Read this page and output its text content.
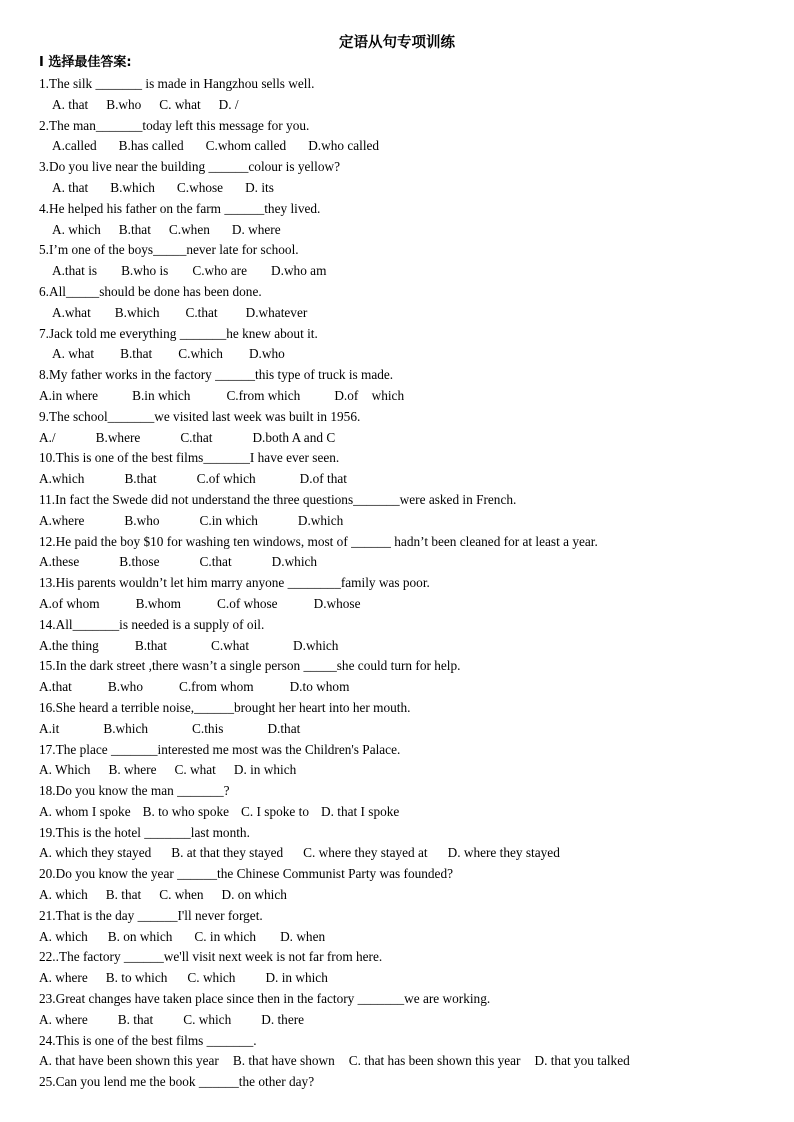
定语从句专项训练
I 选择最佳答案:
1.The silk _______ is made in Hangzhou sells well.
A. that B.who C. what D. /
2.The man_______today left this message for you.
A.called B.has called C.whom called D.who called
3.Do you live near the building ______colour is yellow?
A. that B.which C.whose D. its
4.He helped his father on the farm ______they lived.
A. which B.that C.when D. where
5.I’m one of the boys_____never late for school.
A.that is B.who is C.who are D.who am
6.All_____should be done has been done.
A.what B.which C.that D.whatever
7.Jack told me everything _______he knew about it.
A. what B.that C.which D.who
8.My father works in the factory ______this type of truck is made.
A.in where	B.in which	C.from which	D.of    which
9.The school_______we visited last week was built in 1956.
A./	B.where	C.that	D.both A and C
10.This is one of the best films_______I have ever seen.
A.which	B.that	C.of which	D.of that
11.In fact the Swede did not understand the three questions_______were asked in French.
A.where	B.who	C.in which	D.which
12.He paid the boy $10 for washing ten windows, most of ______ hadn’t been cleaned for at least a year.
A.these	B.those	C.that	D.which
13.His parents wouldn’t let him marry anyone ________family was poor.
A.of whom	B.whom	C.of whose	D.whose
14.All_______is needed is a supply of oil.
A.the thing	B.that	C.what	D.which
15.In the dark street ,there wasn’t a single person _____she could turn for help.
A.that	B.who	C.from whom	D.to whom
16.She heard a terrible noise,______brought her heart into her mouth.
A.it	B.which	C.this	D.that
17.The place _______interested me most was the Children's Palace.
A. Which B. where C. what D. in which
18.Do you know the man _______?
A. whom I spoke B. to who spoke C. I spoke to D. that I spoke
19.This is the hotel _______last month.
A. which they stayed B. at that they stayed C. where they stayed at D. where they stayed
20.Do you know the year ______the Chinese Communist Party was founded?
A. which B. that C. when D. on which
21.That is the day ______I'll never forget.
A. which B. on which C. in which D. when
22..The factory ______we'll visit next week is not far from here.
A. where B. to which C. which D. in which
23.Great changes have taken place since then in the factory _______we are working.
A. where B. that C. which D. there
24.This is one of the best films _______.
A. that have been shown this year B. that have shown C. that has been shown this year D. that you talked
25.Can you lend me the book ______the other day?
